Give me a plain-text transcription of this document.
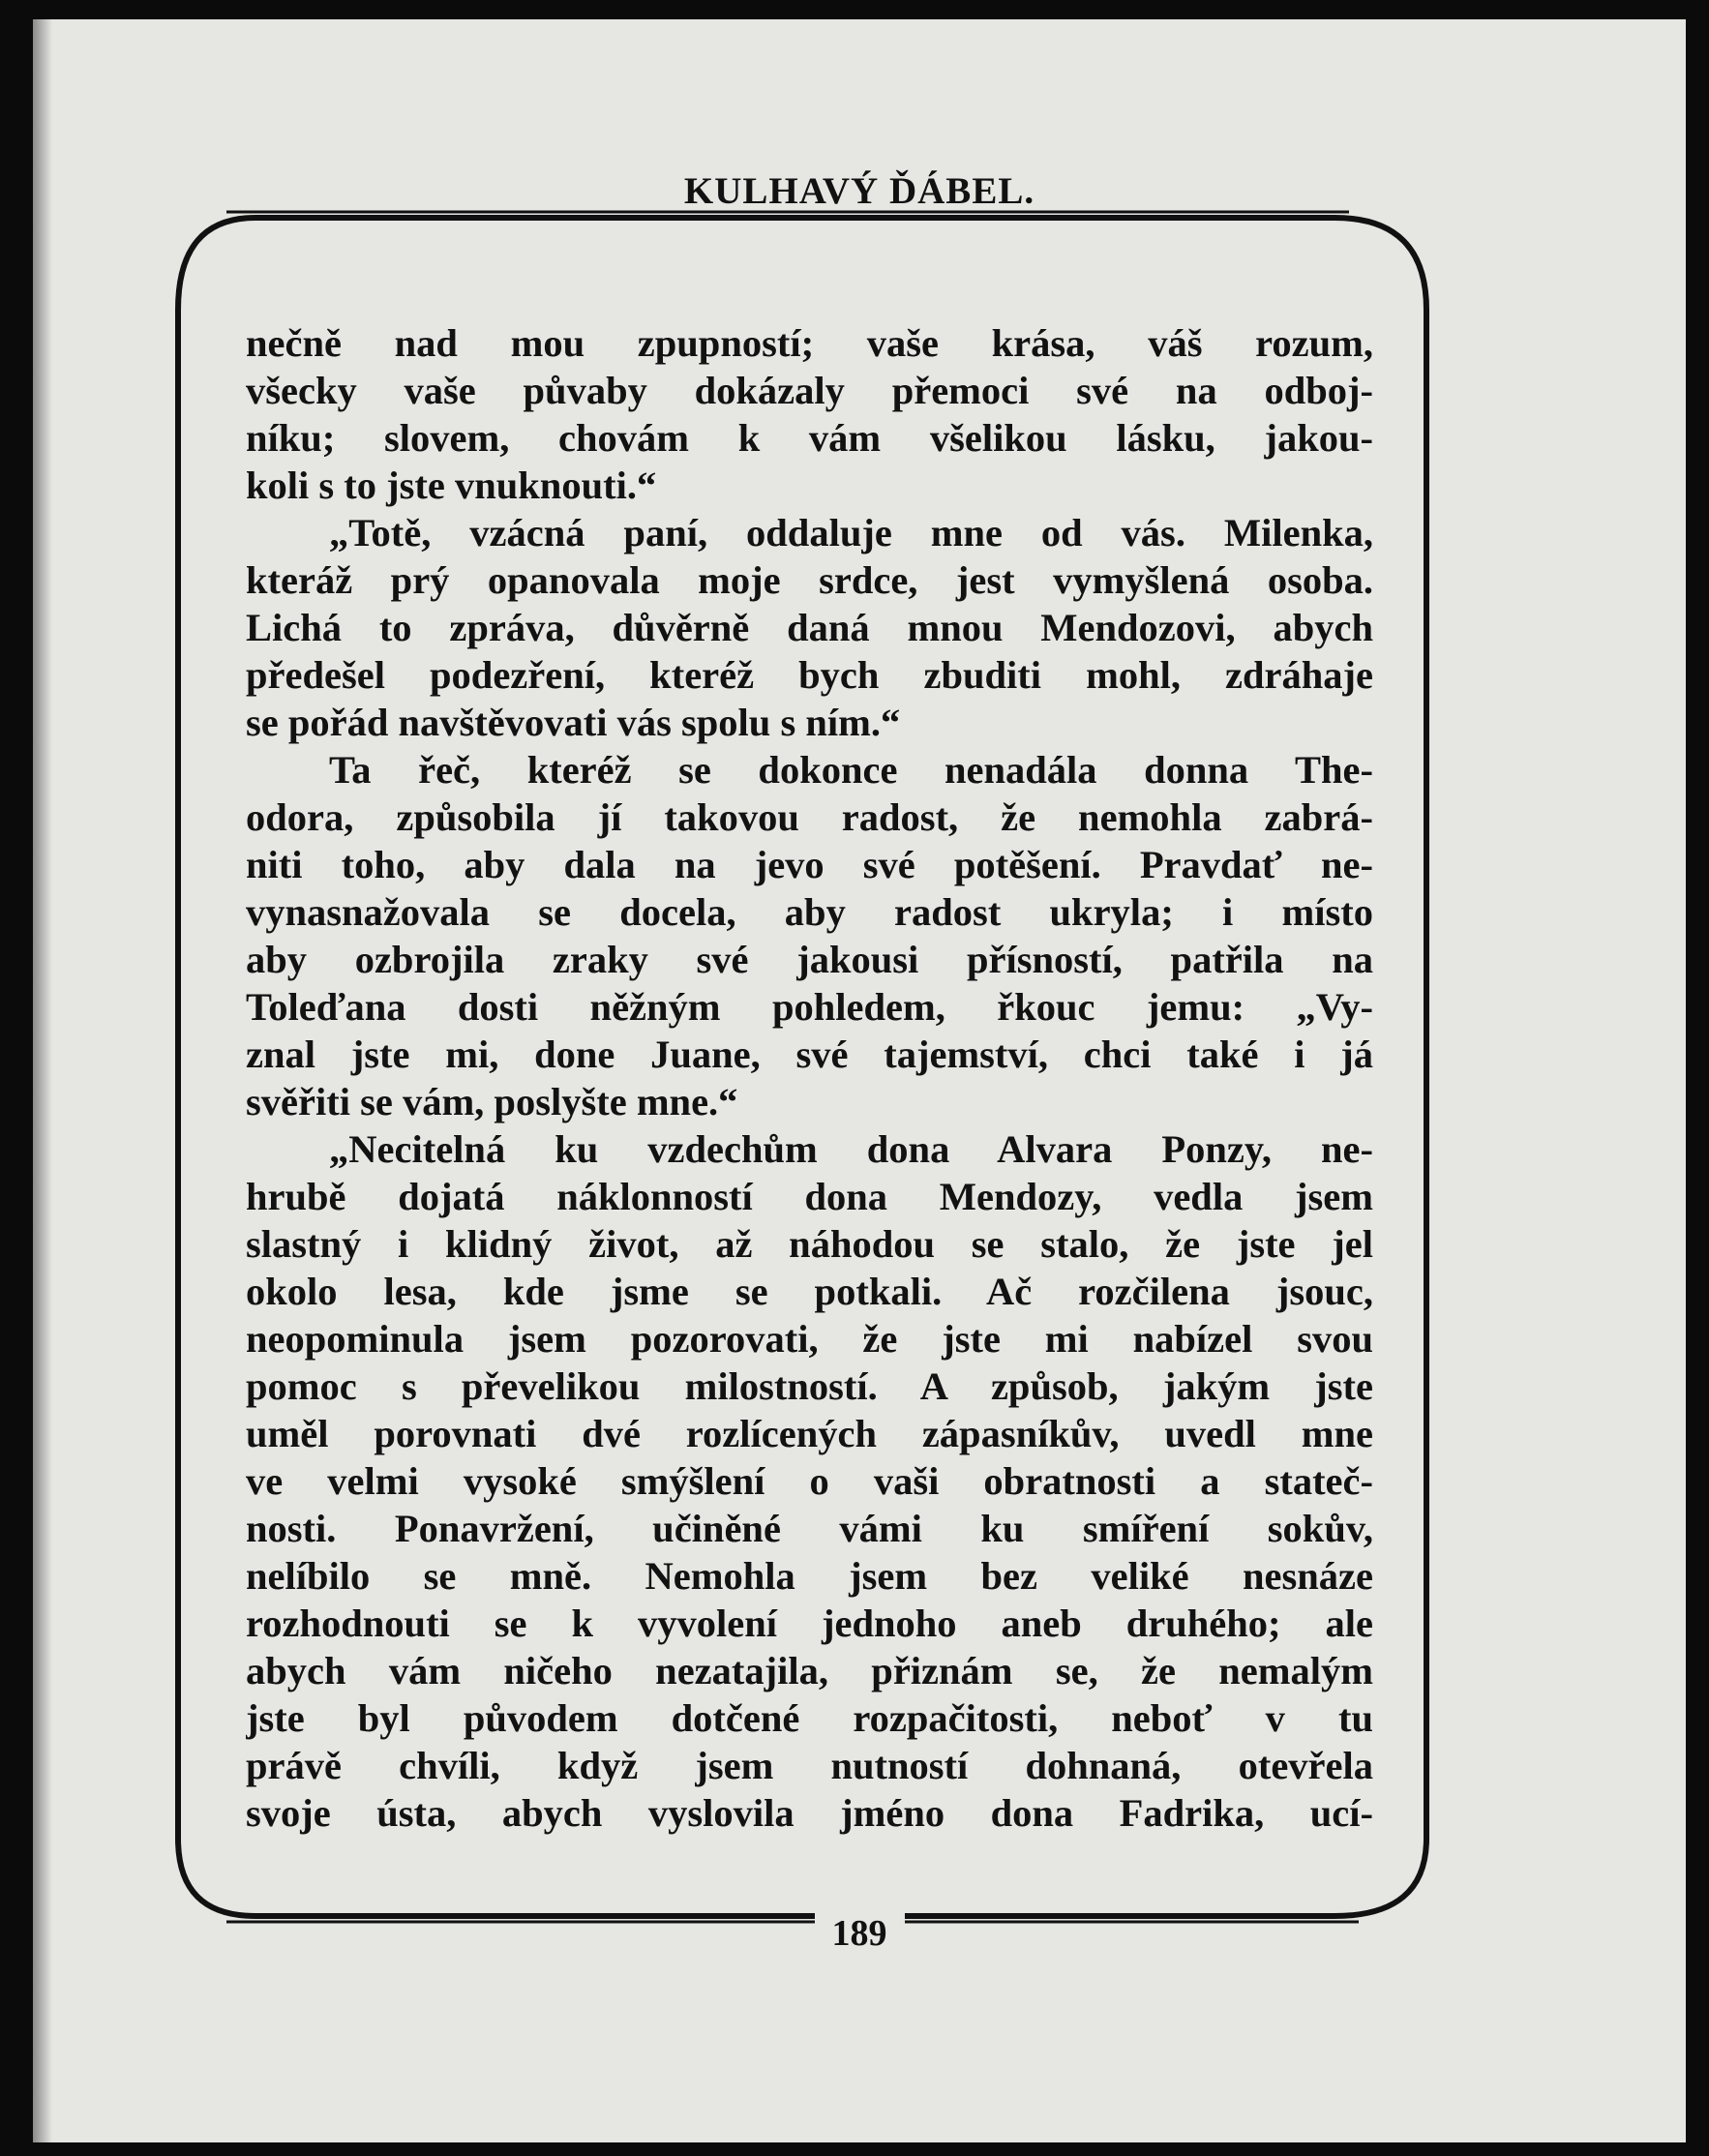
KULHAVÝ ĎÁBEL.
nečně nad mou zpupností; vaše krása, váš rozum,
všecky vaše půvaby dokázaly přemoci své na odboj-
níku; slovem, chovám k vám všelikou lásku, jakou-
koli s to jste vnuknouti.“
„Totě, vzácná paní, oddaluje mne od vás. Milenka,
kteráž prý opanovala moje srdce, jest vymyšlená osoba.
Lichá to zpráva, důvěrně daná mnou Mendozovi, abych
předešel podezření, kteréž bych zbuditi mohl, zdráhaje
se pořád navštěvovati vás spolu s ním.“
Ta řeč, kteréž se dokonce nenadála donna The-
odora, způsobila jí takovou radost, že nemohla zabrá-
niti toho, aby dala na jevo své potěšení. Pravdať ne-
vynasnažovala se docela, aby radost ukryla; i místo
aby ozbrojila zraky své jakousi přísností, patřila na
Toleďana dosti něžným pohledem, řkouc jemu: „Vy-
znal jste mi, done Juane, své tajemství, chci také i já
svěřiti se vám, poslyšte mne.“
„Necitelná ku vzdechům dona Alvara Ponzy, ne-
hrubě dojatá náklonností dona Mendozy, vedla jsem
slastný i klidný život, až náhodou se stalo, že jste jel
okolo lesa, kde jsme se potkali. Ač rozčilena jsouc,
neopominula jsem pozorovati, že jste mi nabízel svou
pomoc s převelikou milostností. A způsob, jakým jste
uměl porovnati dvé rozlícených zápasníkův, uvedl mne
ve velmi vysoké smýšlení o vaši obratnosti a stateč-
nosti. Ponavržení, učiněné vámi ku smíření sokův,
nelíbilo se mně. Nemohla jsem bez veliké nesnáze
rozhodnouti se k vyvolení jednoho aneb druhého; ale
abych vám ničeho nezatajila, přiznám se, že nemalým
jste byl původem dotčené rozpačitosti, neboť v tu
právě chvíli, když jsem nutností dohnaná, otevřela
svoje ústa, abych vyslovila jméno dona Fadrika, ucí-

189
